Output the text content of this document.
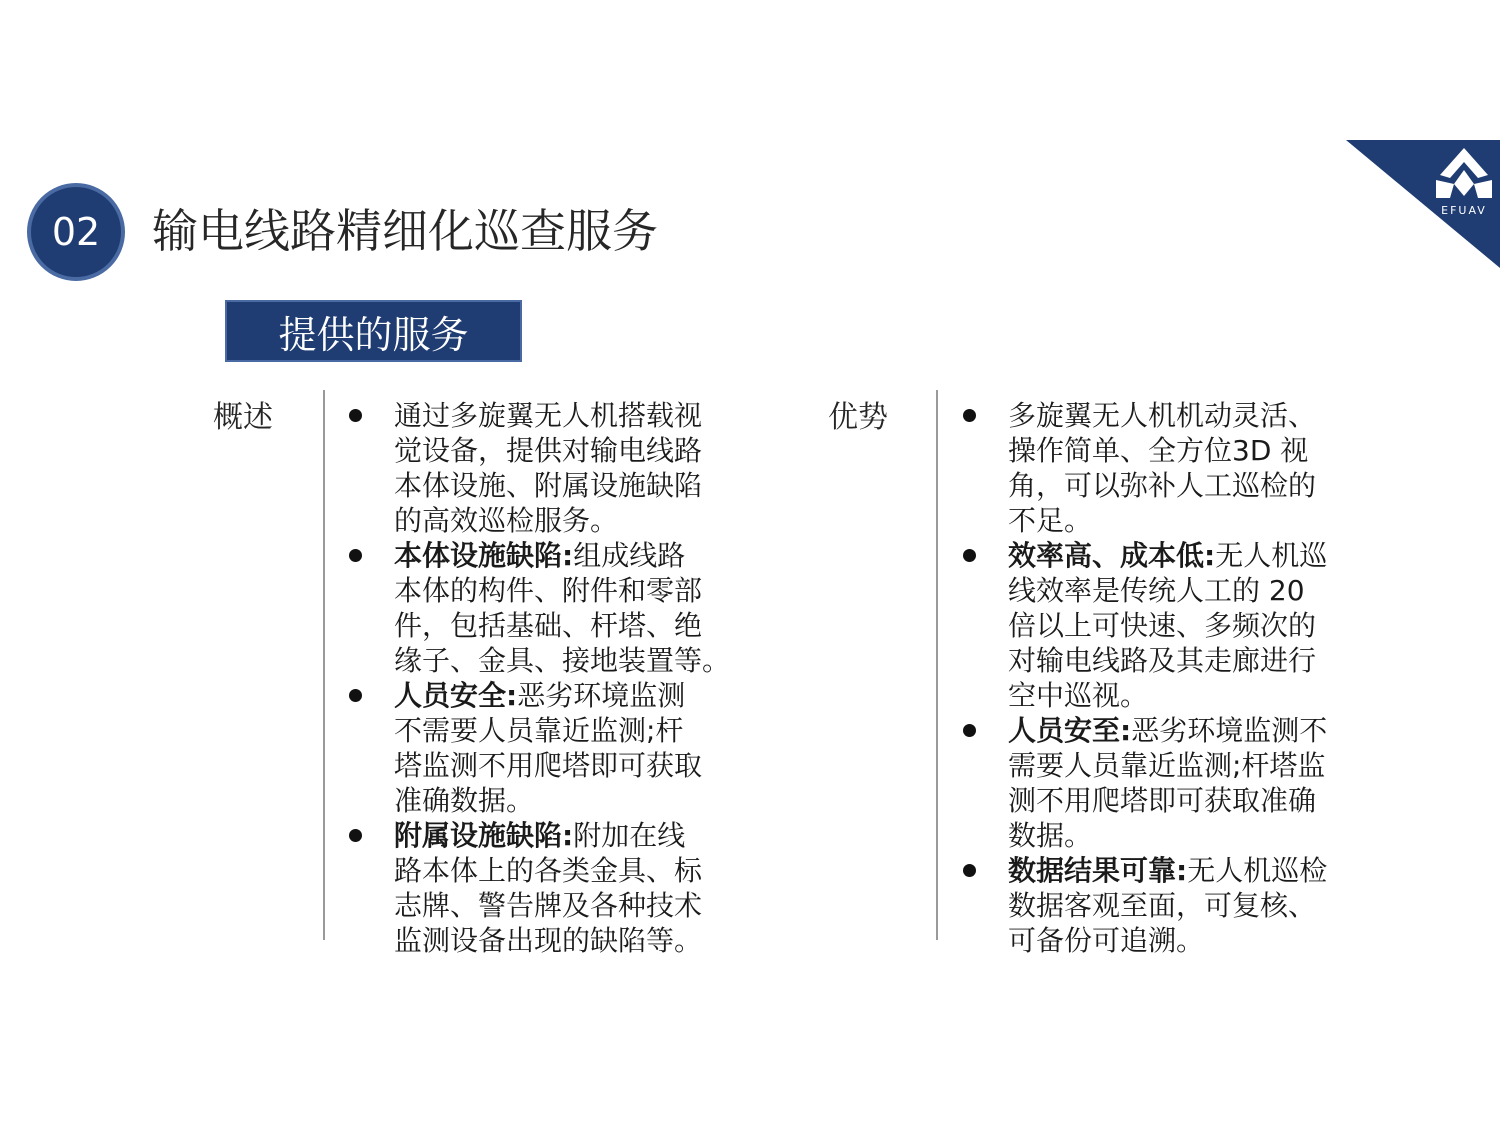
EFUAV
02 输电线路精细化巡查服务
提供的服务
概述	通过多旋翼无人机搭载视
觉设备，提供对输电线路
本体设施、附属设施缺陷
的高效巡检服务。
本体设施缺陷:组成线路
本体的构件、附件和零部
件，包括基础、杆塔、绝
缘子、金具、接地装置等。
人员安全:恶劣环境监测
不需要人员靠近监测;杆
塔监测不用爬塔即可获取
准确数据。
附属设施缺陷:附加在线
路本体上的各类金具、标
志牌、警告牌及各种技术
监测设备出现的缺陷等。
优势	多旋翼无人机机动灵活、
操作简单、全方位3D 视
角，可以弥补人工巡检的
不足。
效率高、成本低:无人机巡
线效率是传统人工的 20
倍以上可快速、多频次的
对输电线路及其走廊进行
空中巡视。
人员安至:恶劣环境监测不
需要人员靠近监测;杆塔监
测不用爬塔即可获取准确
数据。
数据结果可靠:无人机巡检
数据客观至面，可复核、
可备份可追溯。
